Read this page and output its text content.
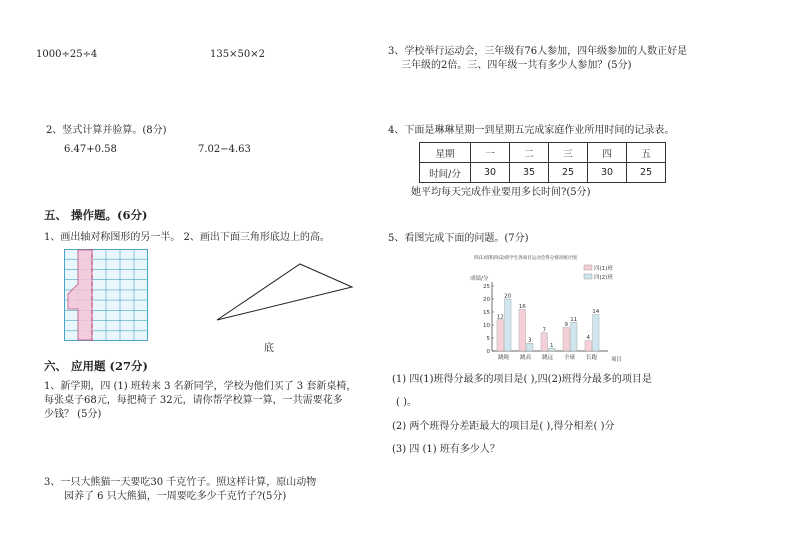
1000÷25÷4	135×50×2
2、竖式计算并验算。(8分)
6.47+0.58	7.02−4.63
五、 操作题。(6分)
1、画出轴对称图形的另一半。 2、画出下面三角形底边上的高。
底
六、 应用题 (27分)
1、新学期，四 (1) 班转来 3 名新同学，学校为他们买了 3 套新桌椅，
每张桌子68元，每把椅子 32元，请你帮学校算一算，一共需要花多
少钱？ (5分)
3、一只大熊猫一天要吃30 千克竹子。照这样计算，原山动物
园养了 6 只大熊猫，一周要吃多少千克竹子?(5分)
3、学校举行运动会，三年级有76人参加，四年级参加的人数正好是
三年级的2倍。三、四年级一共有多少人参加？(5分)
4、下面是琳琳星期一到星期五完成家庭作业所用时间的记录表。
星期	一	二	三	四	五
时间/分	30	35	25	30	25
她平均每天完成作业要用多长时间?(5分)
5、看图完成下面的问题。(7分)
四(1)班和四(2)班学生各项目运动会得分情况统计图
四(1)班
四(2)班
成绩/分
0
5
10
15
20
25
跳绳 跳高 跳远 全球 长跑
12
20
16
3
7
1
9
11
4
14
项目
(1) 四(1)班得分最多的项目是( ),四(2)班得分最多的项目是
( )。
(2) 两个班得分差距最大的项目是( ),得分相差( )分
(3) 四 (1) 班有多少人？
